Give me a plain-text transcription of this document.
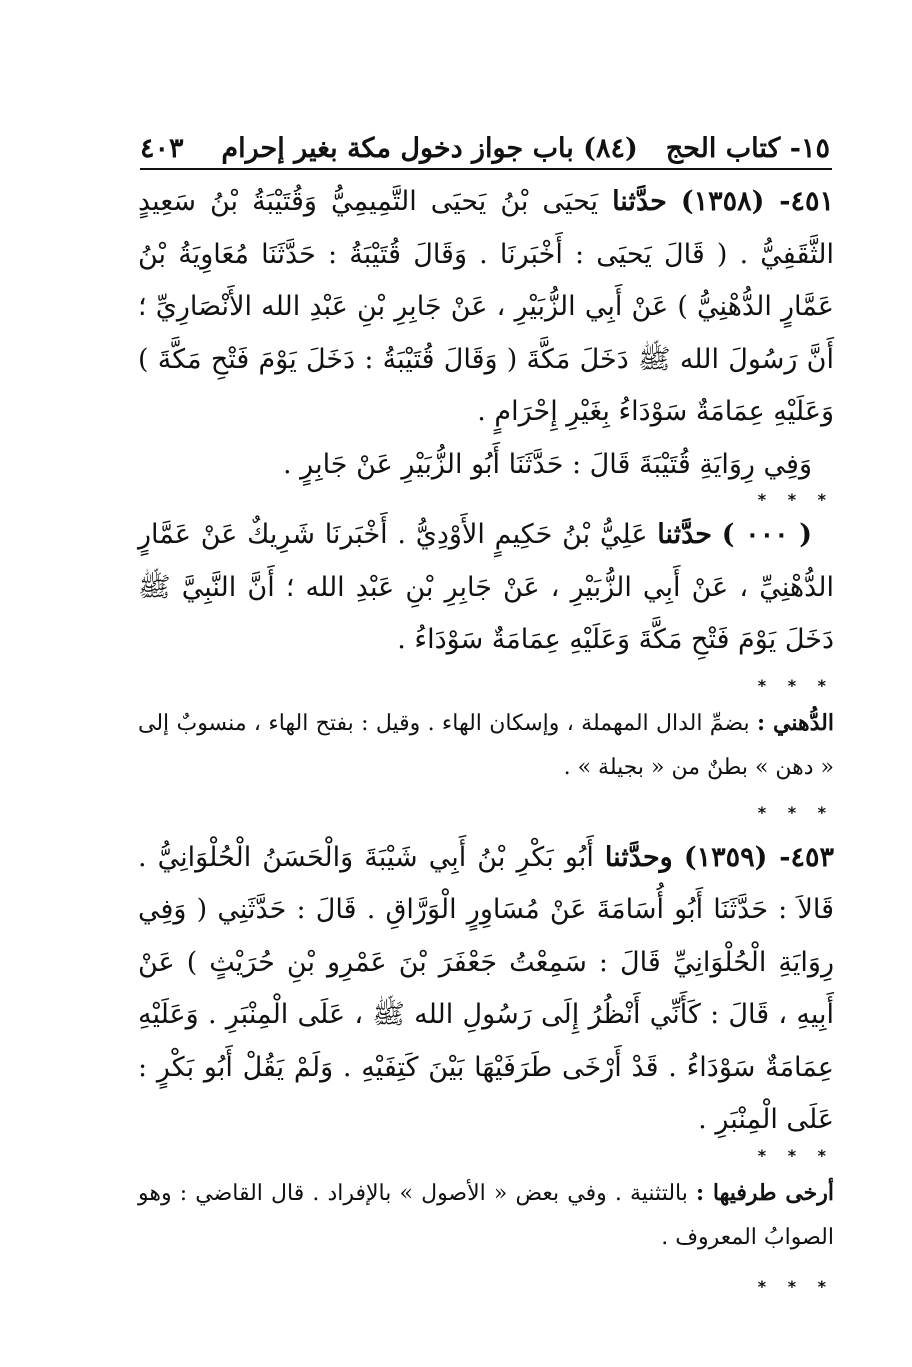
١٥- كتاب الحج
(٨٤) باب جواز دخول مكة بغير إحرام
٤٠٣

٤٥١- (١٣٥٨) حدَّثنا يَحيَى بْنُ يَحيَى التَّمِيمِيُّ وَقُتَيْبَةُ بْنُ سَعِيدٍ الثَّقَفِيُّ . ( قَالَ يَحيَى : أَخْبَرنَا . وَقَالَ قُتَيْبَةُ : حَدَّثَنَا مُعَاوِيَةُ بْنُ عَمَّارٍ الدُّهْنِيُّ ) عَنْ أَبِي الزُّبَيْرِ ، عَنْ جَابِرِ بْنِ عَبْدِ الله الأَنْصَارِيِّ ؛ أَنَّ رَسُولَ الله ﷺ دَخَلَ مَكَّةَ ( وَقَالَ قُتَيْبَةُ : دَخَلَ يَوْمَ فَتْحِ مَكَّةَ ) وَعَلَيْهِ عِمَامَةٌ سَوْدَاءُ بِغَيْرِ إِحْرَامٍ .

وَفِي رِوَايَةِ قُتَيْبَةَ قَالَ : حَدَّثَنَا أَبُو الزُّبَيْرِ عَنْ جَابِرٍ .

* * *

( ٠٠٠ ) حدَّثنا عَلِيُّ بْنُ حَكِيمٍ الأَوْدِيُّ . أَخْبَرنَا شَرِيكٌ عَنْ عَمَّارٍ الدُّهْنِيِّ ، عَنْ أَبِي الزُّبَيْرِ ، عَنْ جَابِرِ بْنِ عَبْدِ الله ؛ أَنَّ النَّبِيَّ ﷺ دَخَلَ يَوْمَ فَتْحِ مَكَّةَ وَعَلَيْهِ عِمَامَةٌ سَوْدَاءُ .

* * *

الدُّهني : بضمِّ الدال المهملة ، وإسكان الهاء . وقيل : بفتح الهاء ، منسوبٌ إلى « دهن » بطنٌ من « بجيلة » .

* * *

٤٥٣- (١٣٥٩) وحدَّثنا أَبُو بَكْرِ بْنُ أَبِي شَيْبَةَ وَالْحَسَنُ الْحُلْوَانِيُّ . قَالاَ : حَدَّثَنَا أَبُو أُسَامَةَ عَنْ مُسَاوِرٍ الْوَرَّاقِ . قَالَ : حَدَّثَنِي ( وَفِي رِوَايَةِ الْحُلْوَانِيِّ قَالَ : سَمِعْتُ جَعْفَرَ بْنَ عَمْرِو بْنِ حُرَيْثٍ ) عَنْ أَبِيهِ ، قَالَ : كَأَنِّي أَنْظُرُ إِلَى رَسُولِ الله ﷺ ، عَلَى الْمِنْبَرِ . وَعَلَيْهِ عِمَامَةٌ سَوْدَاءُ . قَدْ أَرْخَى طَرَفَيْهَا بَيْنَ كَتِفَيْهِ . وَلَمْ يَقُلْ أَبُو بَكْرٍ : عَلَى الْمِنْبَرِ .

* * *

أرخى طرفيها : بالتثنية . وفي بعض « الأصول » بالإفراد . قال القاضي : وهو الصوابُ المعروف .

* * *
